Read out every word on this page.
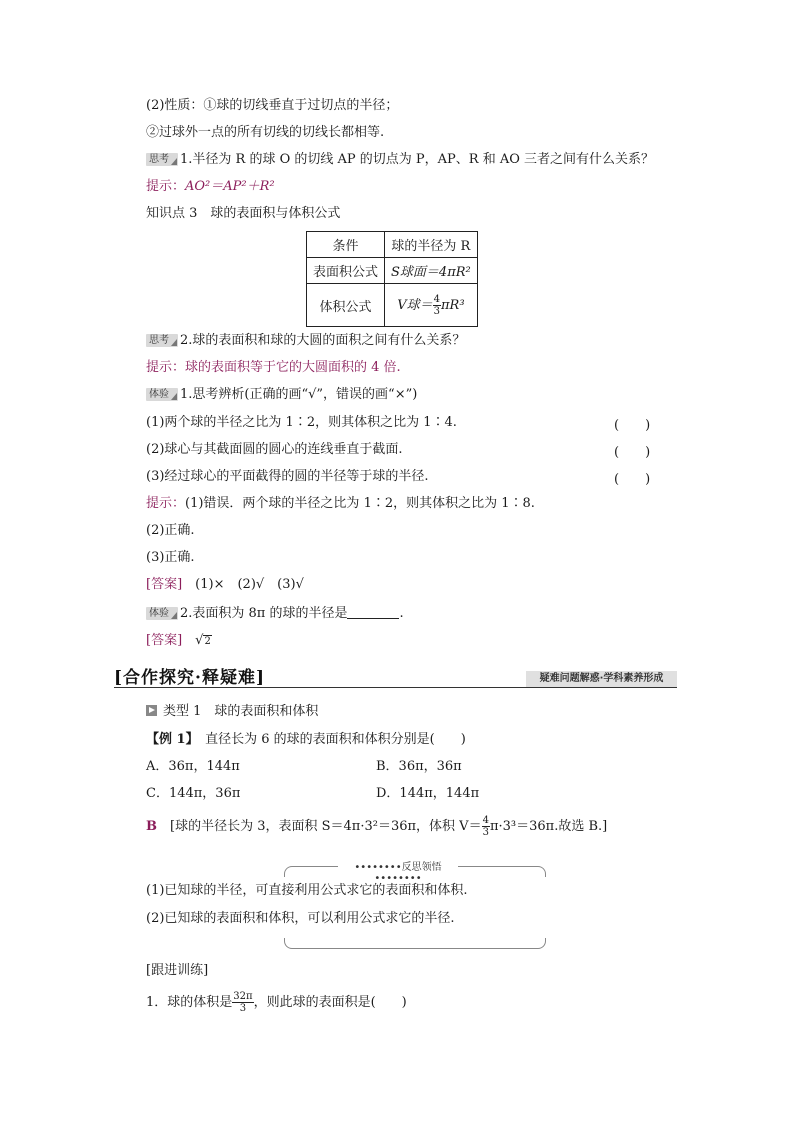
(2)性质：①球的切线垂直于过切点的半径；
②过球外一点的所有切线的切线长都相等.
思考 1.半径为 R 的球 O 的切线 AP 的切点为 P，AP、R 和 AO 三者之间有什么关系？
提示：AO²＝AP²＋R²
知识点 3　球的表面积与体积公式
条件	球的半径为 R
表面积公式	S球面＝4πR²
体积公式	V球＝ $\frac{4}{3} \pi R^3$
思考 2.球的表面积和球的大圆的面积之间有什么关系？
提示：球的表面积等于它的大圆面积的 4 倍.
体验 1.思考辨析(正确的画“√”，错误的画“×”)
(1)两个球的半径之比为 1∶2，则其体积之比为 1∶4.	(　　)
(2)球心与其截面圆的圆心的连线垂直于截面.	(　　)
(3)经过球心的平面截得的圆的半径等于球的半径.	(　　)
提示：(1)错误．两个球的半径之比为 1∶2，则其体积之比为 1∶8.
(2)正确.
(3)正确.
[答案]　 (1)×　(2)√　(3)√
体验 2.表面积为 8π 的球的半径是	.
[答案]　 √2
[合作探究·释疑难]	疑难问题解惑·学科素养形成
类型 1　球的表面积和体积
【例 1】　 直径长为 6 的球的表面积和体积分别是(　　)
A．36π，144π	B．36π，36π
C．144π，36π	D．144π，144π
B　 [球的半径长为 3，表面积 S＝4π·3²＝36π，体积 $V= \frac{4}{3} \pi\cdot 3^3=36\pi$.故选 B.]
••••••••反思领悟••••••••
(1)已知球的半径，可直接利用公式求它的表面积和体积.
(2)已知球的表面积和体积，可以利用公式求它的半径.
[跟进训练]
1．球的体积是 $\frac{32\pi}{3}$ ，则此球的表面积是(　　)
